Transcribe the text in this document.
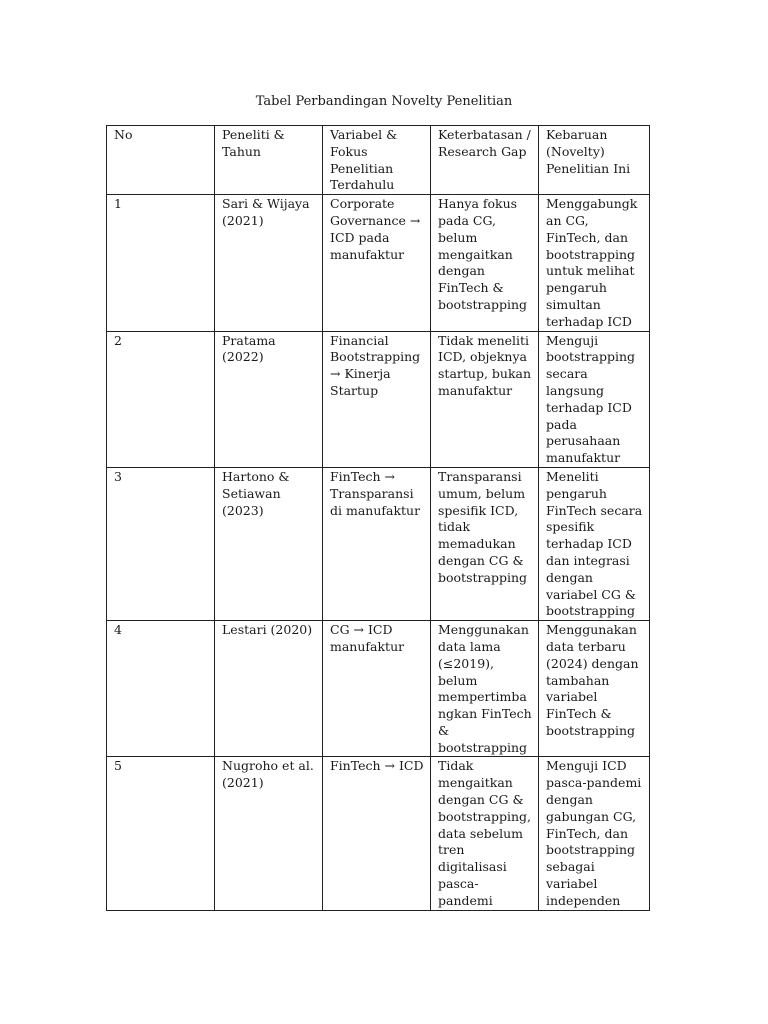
Tabel Perbandingan Novelty Penelitian
No	Peneliti & Tahun	Variabel & Fokus Penelitian Terdahulu	Keterbatasan / Research Gap	Kebaruan (Novelty) Penelitian Ini
1	Sari & Wijaya (2021)	Corporate Governance → ICD pada manufaktur	Hanya fokus pada CG, belum mengaitkan dengan FinTech & bootstrapping	Menggabungkan CG, FinTech, dan bootstrapping untuk melihat pengaruh simultan terhadap ICD
2	Pratama (2022)	Financial Bootstrapping → Kinerja Startup	Tidak meneliti ICD, objeknya startup, bukan manufaktur	Menguji bootstrapping secara langsung terhadap ICD pada perusahaan manufaktur
3	Hartono & Setiawan (2023)	FinTech → Transparansi di manufaktur	Transparansi umum, belum spesifik ICD, tidak memadukan dengan CG & bootstrapping	Meneliti pengaruh FinTech secara spesifik terhadap ICD dan integrasi dengan variabel CG & bootstrapping
4	Lestari (2020)	CG → ICD manufaktur	Menggunakan data lama (≤2019), belum mempertimbangkan FinTech & bootstrapping	Menggunakan data terbaru (2024) dengan tambahan variabel FinTech & bootstrapping
5	Nugroho et al. (2021)	FinTech → ICD	Tidak mengaitkan dengan CG & bootstrapping, data sebelum tren digitalisasi pasca-pandemi	Menguji ICD pasca-pandemi dengan gabungan CG, FinTech, dan bootstrapping sebagai variabel independen
